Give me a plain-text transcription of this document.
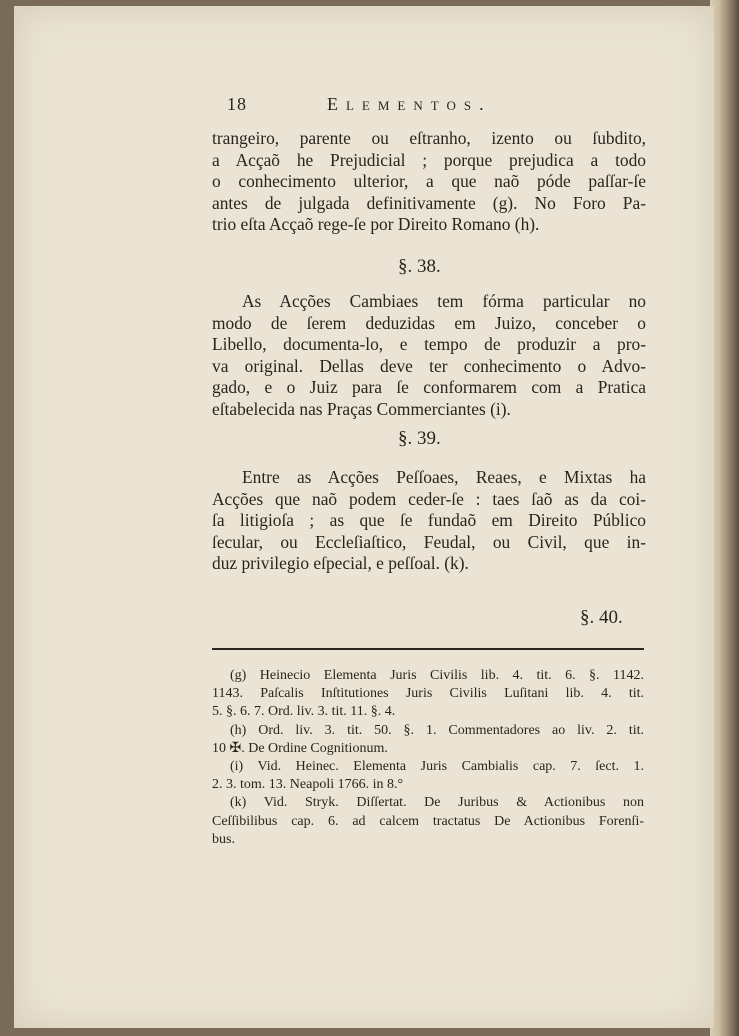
18	Elementos.
trangeiro, parente ou eſtranho, izento ou ſubdito,
a Acçaõ he Prejudicial ; porque prejudica a todo
o conhecimento ulterior, a que naõ póde paſſar-ſe
antes de julgada definitivamente (g). No Foro Pa-
trio eſta Acçaõ rege-ſe por Direito Romano (h).
§. 38.
As Acções Cambiaes tem fórma particular no
modo de ſerem deduzidas em Juizo, conceber o
Libello, documenta-lo, e tempo de produzir a pro-
va original. Dellas deve ter conhecimento o Advo-
gado, e o Juiz para ſe conformarem com a Pratica
eſtabelecida nas Praças Commerciantes (i).
§. 39.
Entre as Acções Peſſoaes, Reaes, e Mixtas ha
Acções que naõ podem ceder-ſe : taes ſaõ as da coi-
ſa litigioſa ; as que ſe fundaõ em Direito Público
ſecular, ou Eccleſiaſtico, Feudal, ou Civil, que in-
duz privilegio eſpecial, e peſſoal. (k).
§. 40.
(g) Heinecio Elementa Juris Civilis lib. 4. tit. 6. §. 1142.
1143. Paſcalis Inſtitutiones Juris Civilis Luſitani lib. 4. tit.
5. §. 6. 7. Ord. liv. 3. tit. 11. §. 4.
(h) Ord. liv. 3. tit. 50. §. 1. Commentadores ao liv. 2. tit.
10 ✠. De Ordine Cognitionum.
(i) Vid. Heinec. Elementa Juris Cambialis cap. 7. ſect. 1.
2. 3. tom. 13. Neapoli 1766. in 8.°
(k) Vid. Stryk. Diſſertat. De Juribus & Actionibus non
Ceſſibilibus cap. 6. ad calcem tractatus De Actionibus Forenſi-
bus.
